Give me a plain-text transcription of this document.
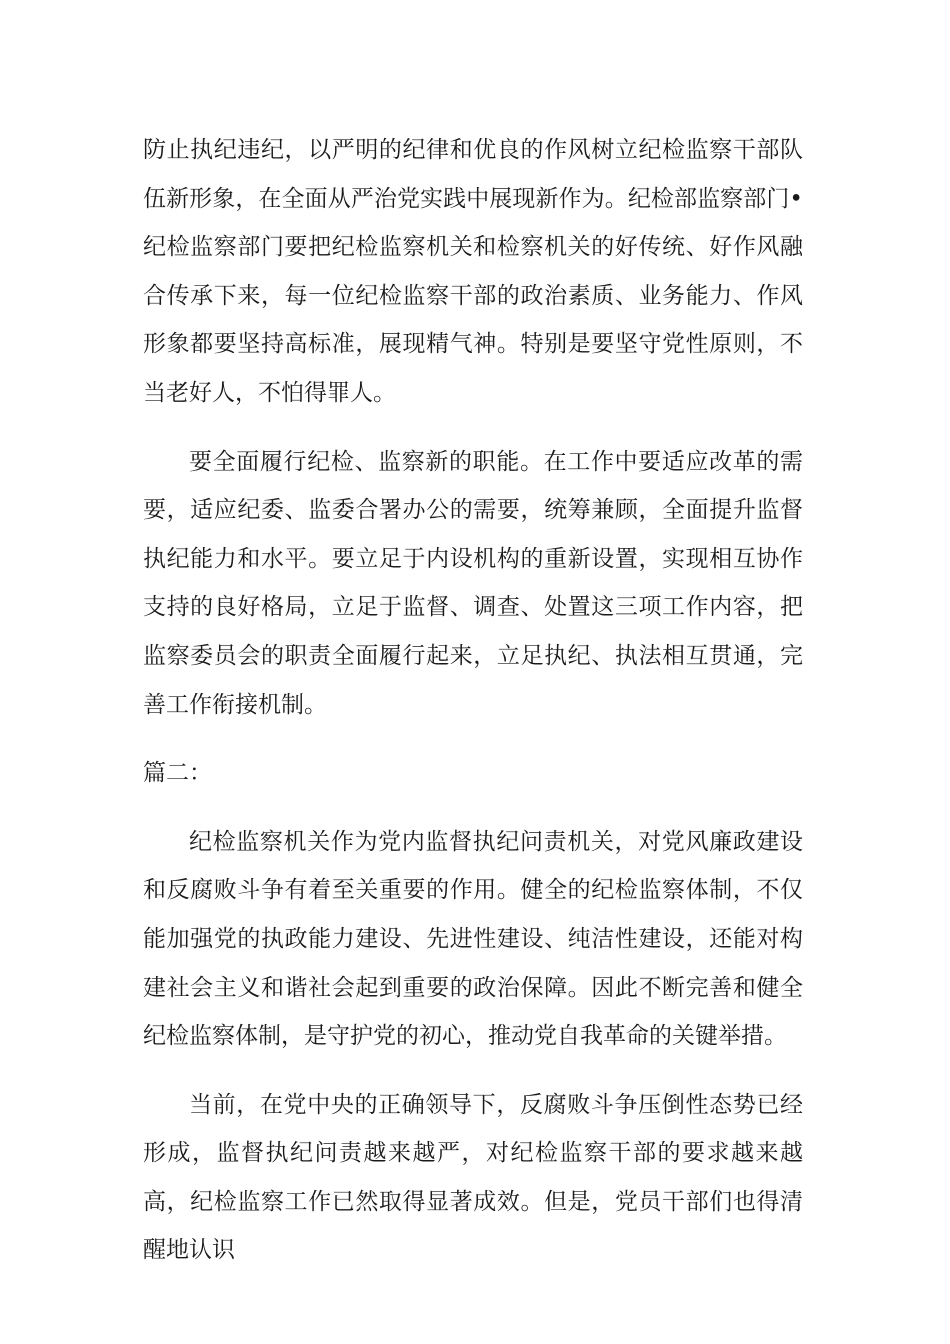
防止执纪违纪，以严明的纪律和优良的作风树立纪检监察干部队伍新形象，在全面从严治党实践中展现新作为。纪检部监察部门•纪检监察部门要把纪检监察机关和检察机关的好传统、好作风融合传承下来，每一位纪检监察干部的政治素质、业务能力、作风形象都要坚持高标准，展现精气神。特别是要坚守党性原则，不当老好人，不怕得罪人。

要全面履行纪检、监察新的职能。在工作中要适应改革的需要，适应纪委、监委合署办公的需要，统筹兼顾，全面提升监督执纪能力和水平。要立足于内设机构的重新设置，实现相互协作支持的良好格局，立足于监督、调查、处置这三项工作内容，把监察委员会的职责全面履行起来，立足执纪、执法相互贯通，完善工作衔接机制。

篇二：

纪检监察机关作为党内监督执纪问责机关，对党风廉政建设和反腐败斗争有着至关重要的作用。健全的纪检监察体制，不仅能加强党的执政能力建设、先进性建设、纯洁性建设，还能对构建社会主义和谐社会起到重要的政治保障。因此不断完善和健全纪检监察体制，是守护党的初心，推动党自我革命的关键举措。

当前，在党中央的正确领导下，反腐败斗争压倒性态势已经形成，监督执纪问责越来越严，对纪检监察干部的要求越来越高，纪检监察工作已然取得显著成效。但是，党员干部们也得清醒地认识
